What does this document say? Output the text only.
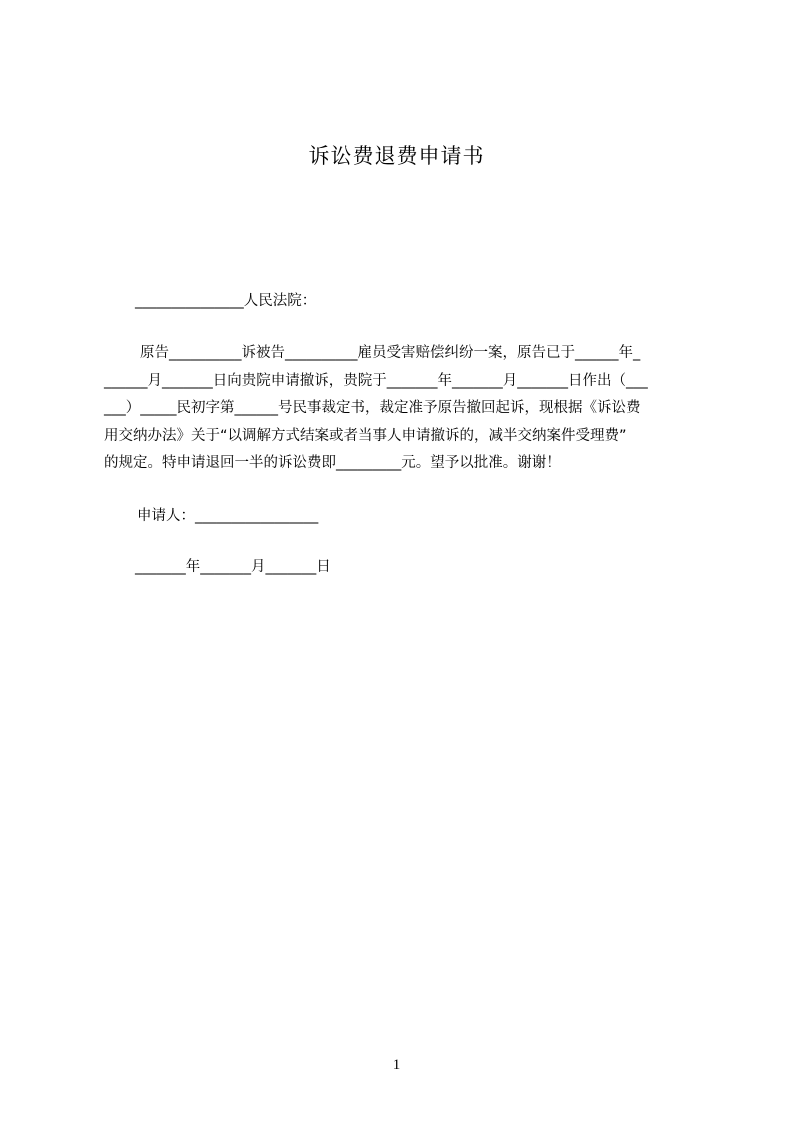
诉讼费退费申请书
_______________人民法院：
原告__________诉被告__________雇员受害赔偿纠纷一案，原告已于______年_
______月_______日向贵院申请撤诉，贵院于_______年_______月_______日作出（___
___）_____民初字第______号民事裁定书，裁定准予原告撤回起诉，现根据《诉讼费
用交纳办法》关于“以调解方式结案或者当事人申请撤诉的，减半交纳案件受理费”
的规定。特申请退回一半的诉讼费即_________元。望予以批准。谢谢！
申请人：_________________
_______年_______月_______日
1
